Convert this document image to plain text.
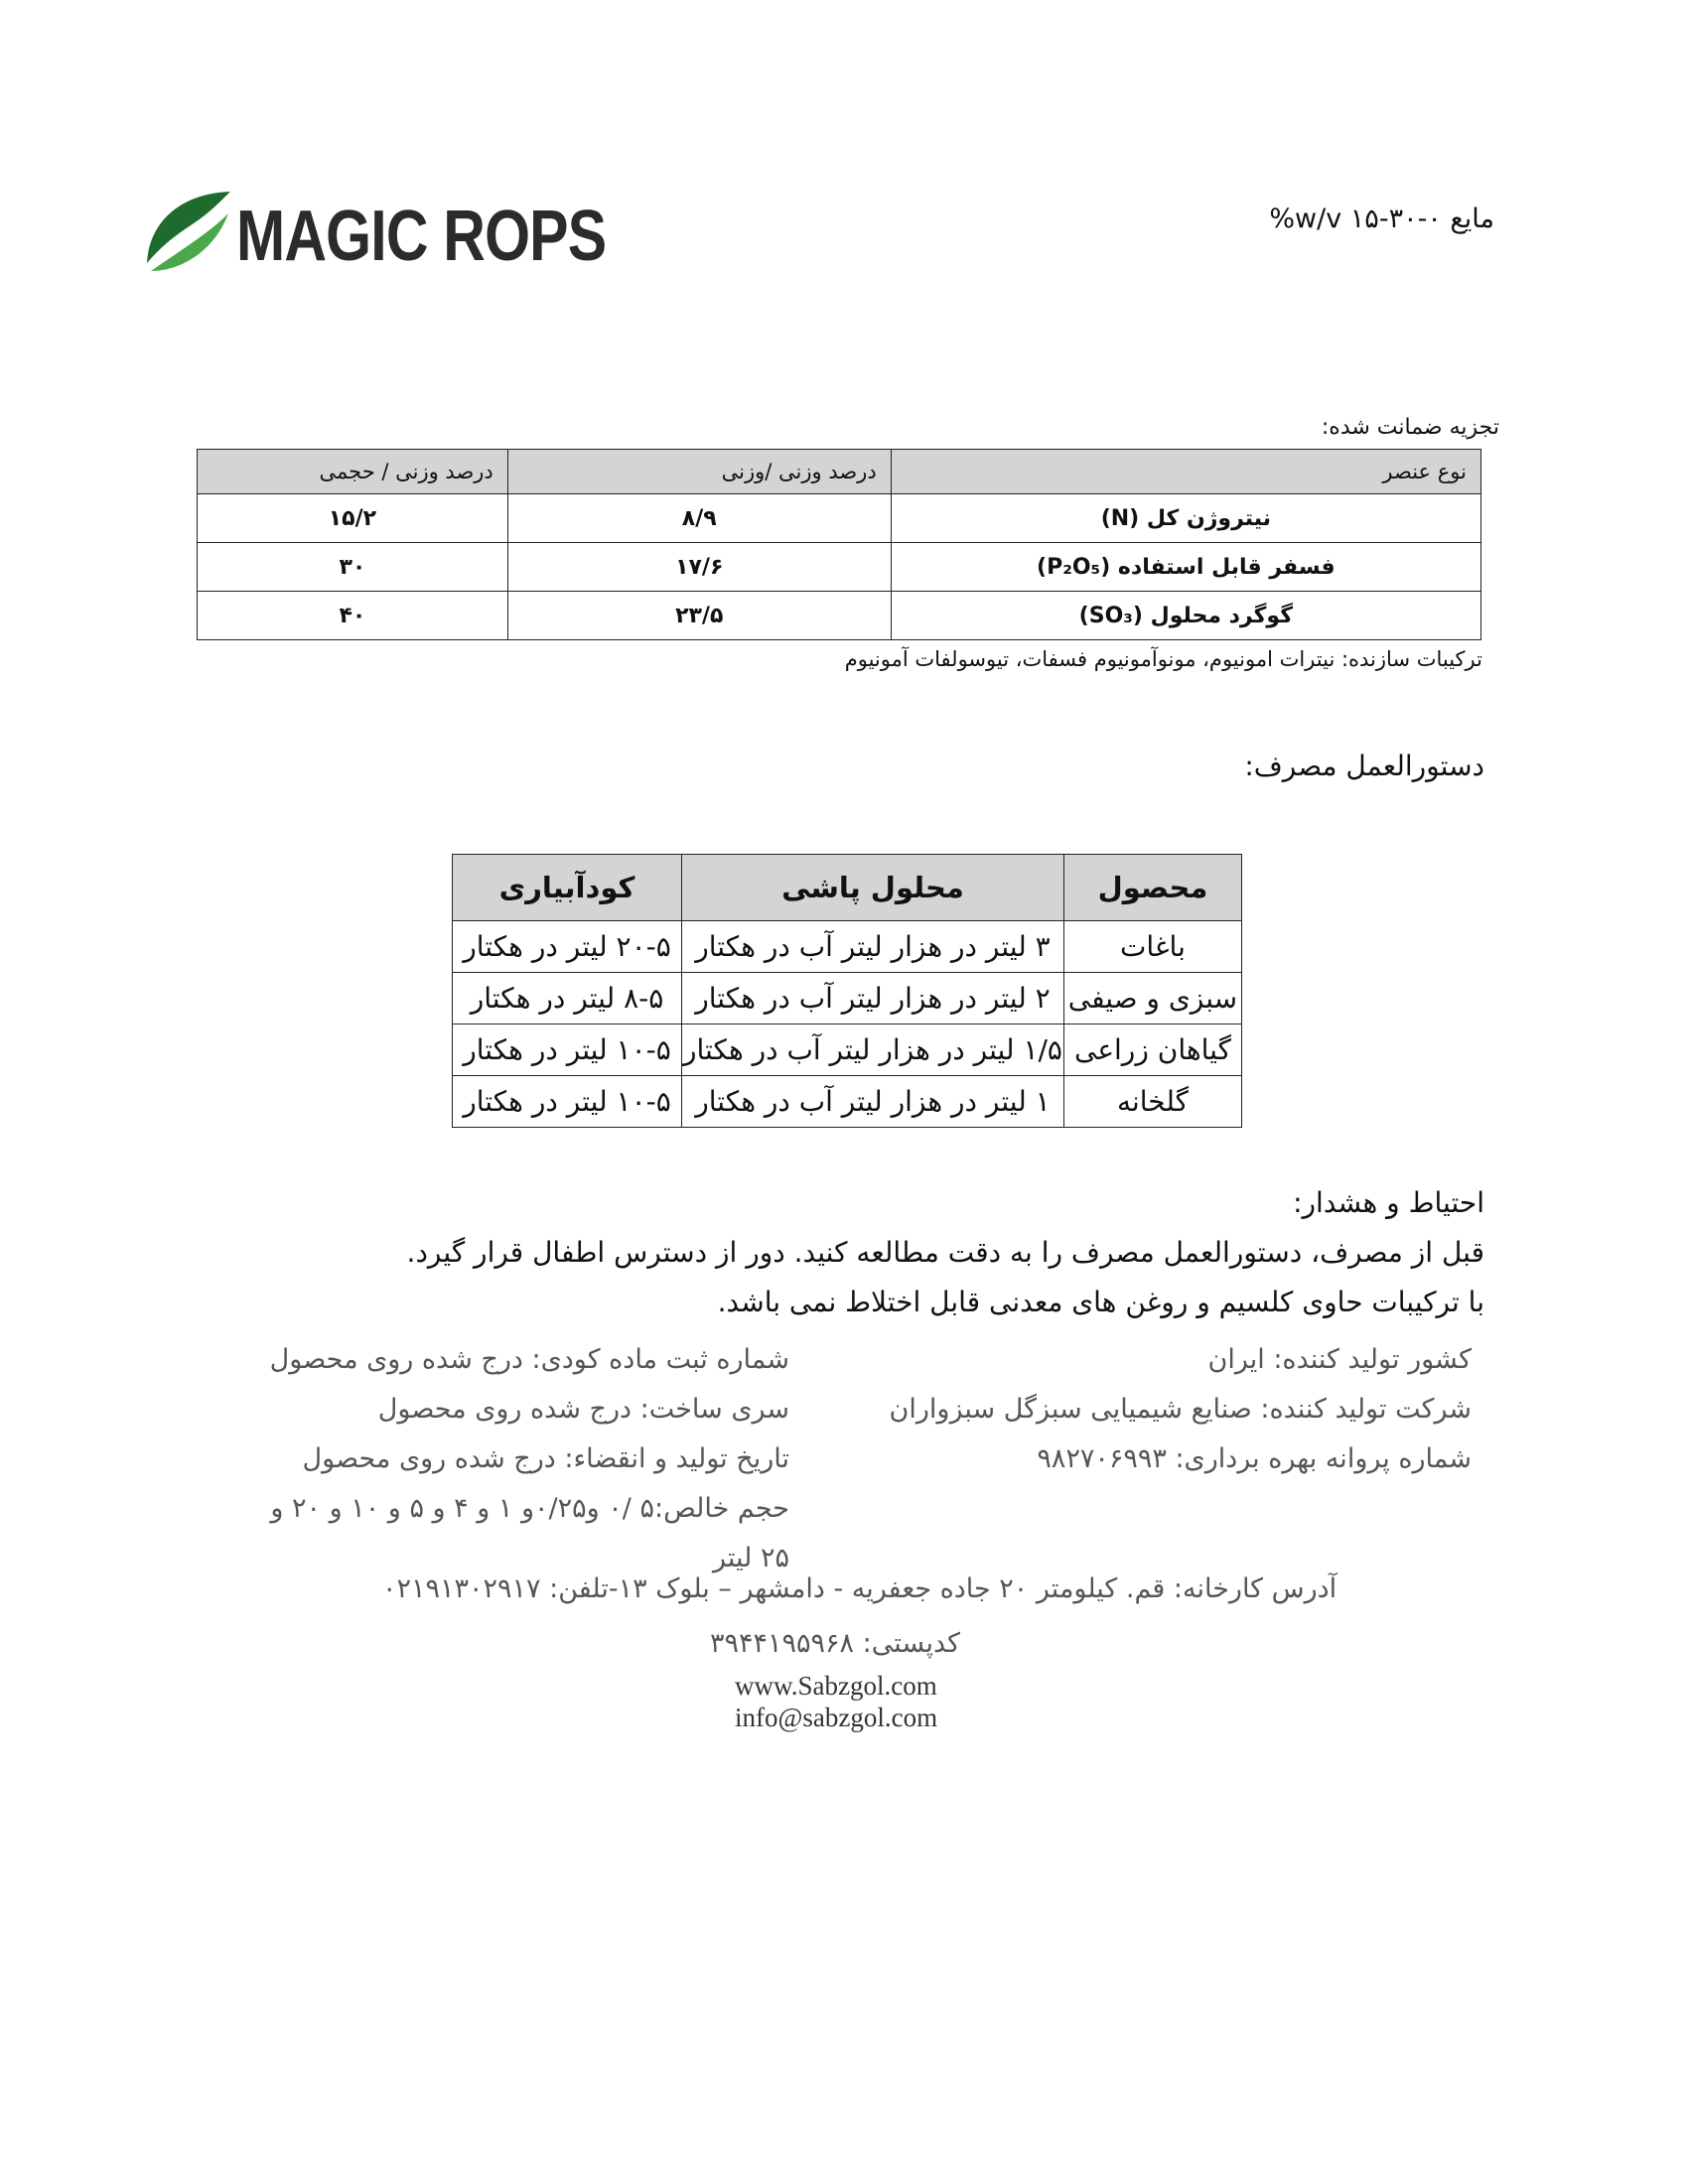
MAGIC ROPS	مایع ۰-۳۰-۱۵ w/v%
تجزیه ضمانت شده:
نوع عنصر	درصد وزنی /وزنی	درصد وزنی / حجمی
نیتروژن کل (N)	۸/۹	۱۵/۲
فسفر قابل استفاده (P₂O₅)	۱۷/۶	۳۰
گوگرد محلول (SO₃)	۲۳/۵	۴۰
ترکیبات سازنده: نیترات امونیوم، مونوآمونیوم فسفات، تیوسولفات آمونیوم
دستورالعمل مصرف:
محصول	محلول پاشی	کودآبیاری
باغات	۳ لیتر در هزار لیتر آب در هکتار	۲۰-۵ لیتر در هکتار
سبزی و صیفی	۲ لیتر در هزار لیتر آب در هکتار	۸-۵ لیتر در هکتار
گیاهان زراعی	۱/۵ لیتر در هزار لیتر آب در هکتار	۱۰-۵ لیتر در هکتار
گلخانه	۱ لیتر در هزار لیتر آب در هکتار	۱۰-۵ لیتر در هکتار
احتیاط و هشدار:
قبل از مصرف، دستورالعمل مصرف را به دقت مطالعه کنید. دور از دسترس اطفال قرار گیرد.
با ترکیبات حاوی کلسیم و روغن های معدنی قابل اختلاط نمی باشد.
کشور تولید کننده: ایران
شرکت تولید کننده: صنایع شیمیایی سبزگل سبزواران
شماره پروانه بهره برداری: ۹۸۲۷۰۶۹۹۳
شماره ثبت ماده کودی: درج شده روی محصول
سری ساخت: درج شده روی محصول
تاریخ تولید و انقضاء: درج شده روی محصول
حجم خالص:۵ /۰ و۰/۲۵و ۱ و ۴ و ۵ و ۱۰ و ۲۰ و ۲۵ لیتر
آدرس کارخانه: قم. کیلومتر ۲۰ جاده جعفریه - دامشهر – بلوک ۱۳-تلفن: ۰۲۱۹۱۳۰۲۹۱۷
کدپستی: ۳۹۴۴۱۹۵۹۶۸
www.Sabzgol.com
info@sabzgol.com
